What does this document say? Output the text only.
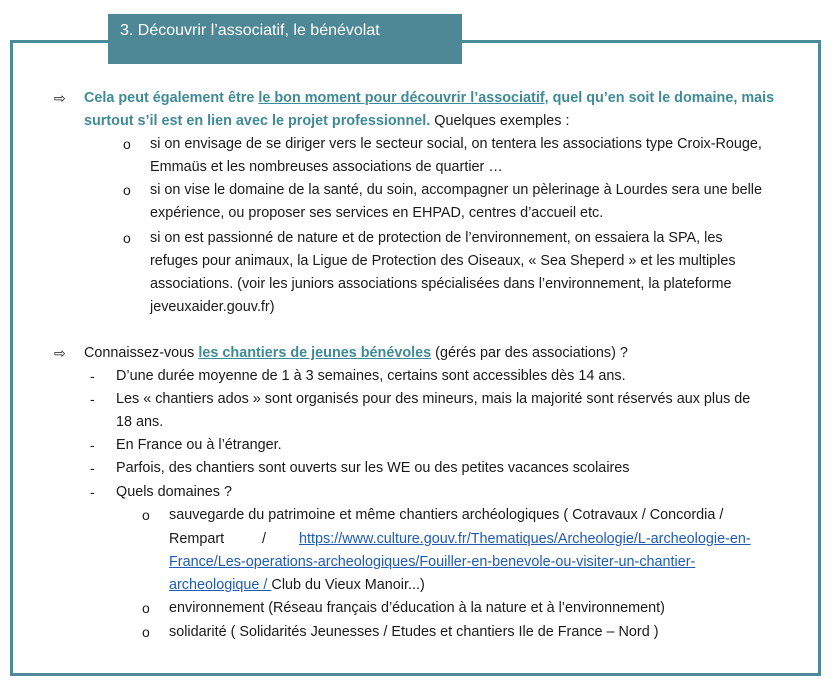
3. Découvrir l’associatif, le bénévolat
⇨ Cela peut également être le bon moment pour découvrir l’associatif, quel qu’en soit le domaine, mais
surtout s’il est en lien avec le projet professionnel. Quelques exemples :
o si on envisage de se diriger vers le secteur social, on tentera les associations type Croix-Rouge,
Emmaüs et les nombreuses associations de quartier …
o si on vise le domaine de la santé, du soin, accompagner un pèlerinage à Lourdes sera une belle
expérience, ou proposer ses services en EHPAD, centres d’accueil etc.
o si on est passionné de nature et de protection de l’environnement, on essaiera la SPA, les
refuges pour animaux, la Ligue de Protection des Oiseaux, « Sea Sheperd » et les multiples
associations. (voir les juniors associations spécialisées dans l’environnement, la plateforme
jeveuxaider.gouv.fr)
⇨ Connaissez-vous les chantiers de jeunes bénévoles (gérés par des associations) ?
- D’une durée moyenne de 1 à 3 semaines, certains sont accessibles dès 14 ans.
- Les « chantiers ados » sont organisés pour des mineurs, mais la majorité sont réservés aux plus de
18 ans.
- En France ou à l’étranger.
- Parfois, des chantiers sont ouverts sur les WE ou des petites vacances scolaires
- Quels domaines ?
o sauvegarde du patrimoine et même chantiers archéologiques ( Cotravaux / Concordia /
Rempart	/ https://www.culture.gouv.fr/Thematiques/Archeologie/L-archeologie-en-
France/Les-operations-archeologiques/Fouiller-en-benevole-ou-visiter-un-chantier-
archeologique / Club du Vieux Manoir...)
o environnement (Réseau français d’éducation à la nature et à l’environnement)
o solidarité ( Solidarités Jeunesses / Etudes et chantiers Ile de France – Nord )
